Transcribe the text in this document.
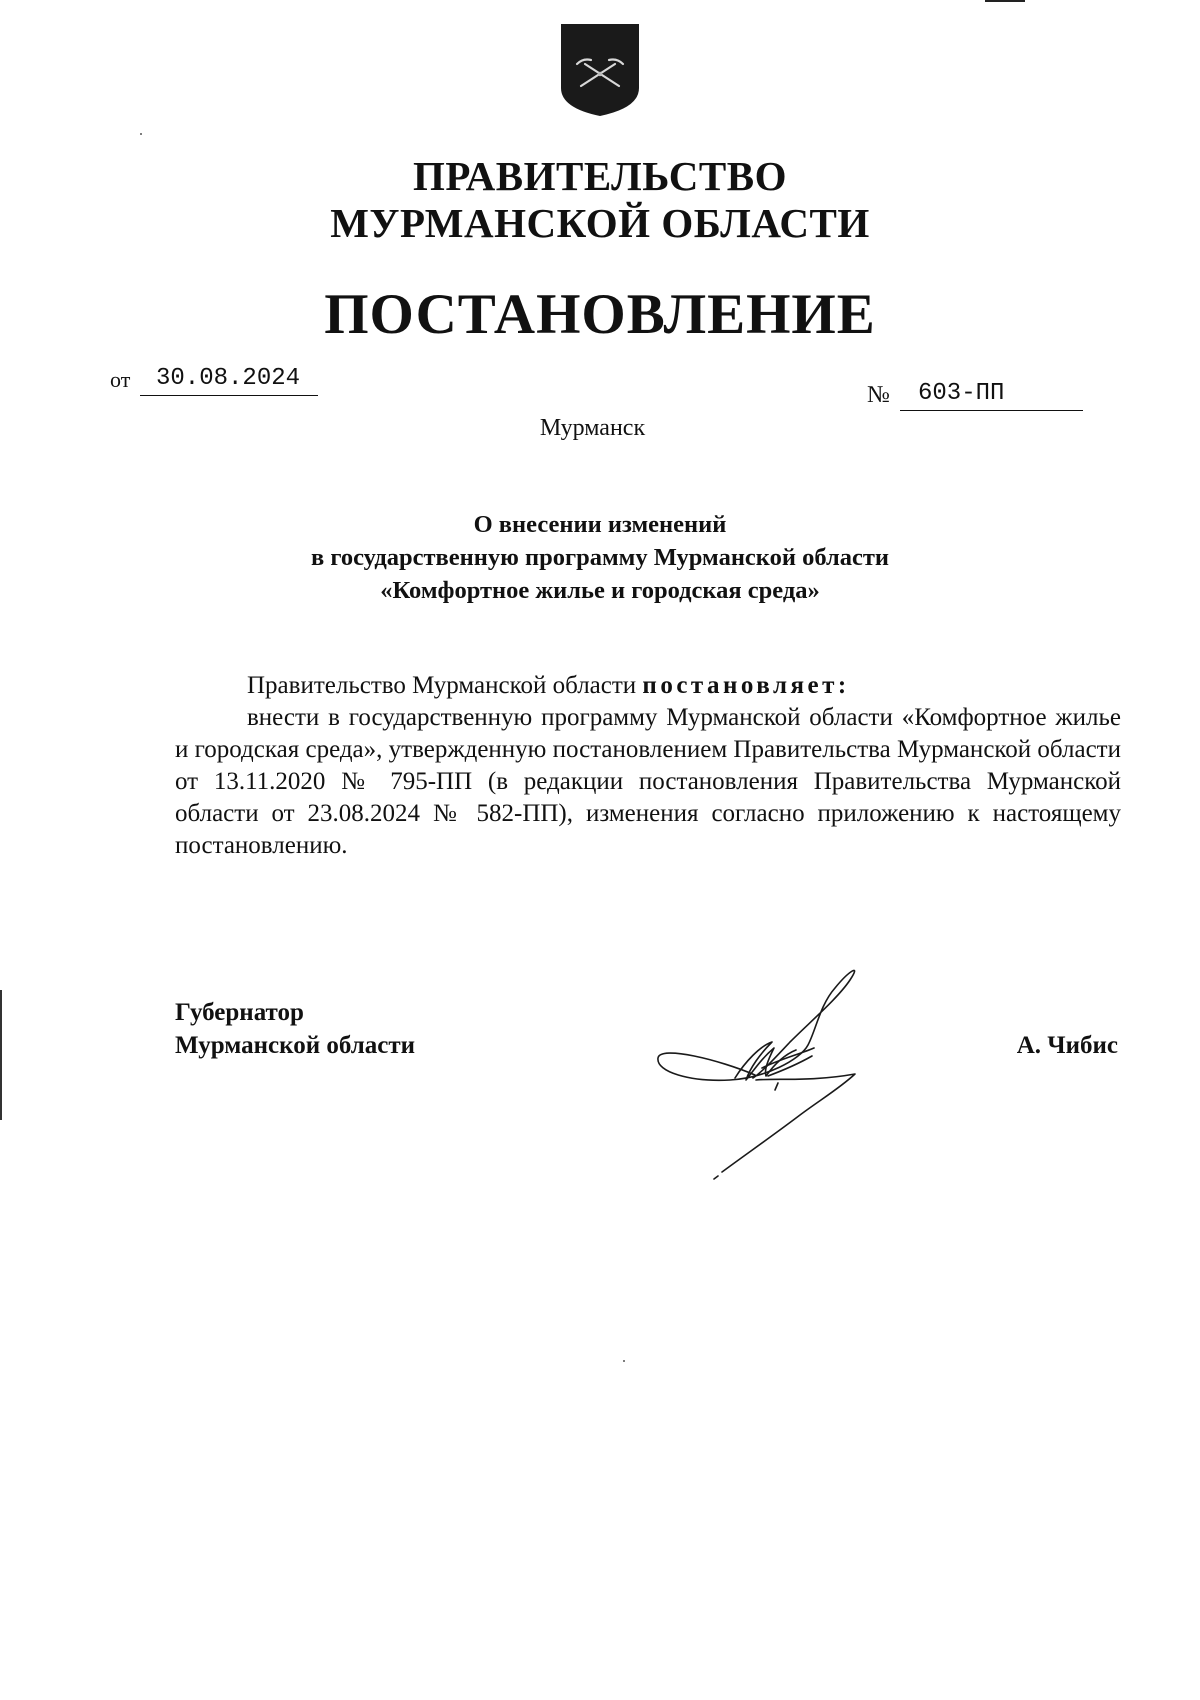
ПРАВИТЕЛЬСТВО
МУРМАНСКОЙ ОБЛАСТИ
ПОСТАНОВЛЕНИЕ
от	30.08.2024
№	603-ПП
Мурманск
О внесении изменений
в государственную программу Мурманской области
«Комфортное жилье и городская среда»
Правительство Мурманской области постановляет:
внести в государственную программу Мурманской области «Комфортное жилье и городская среда», утвержденную постановлением Правительства Мурманской области от 13.11.2020 № 795-ПП (в редакции постановления Правительства Мурманской области от 23.08.2024 № 582-ПП), изменения согласно приложению к настоящему постановлению.
Губернатор
Мурманской области	А. Чибис
